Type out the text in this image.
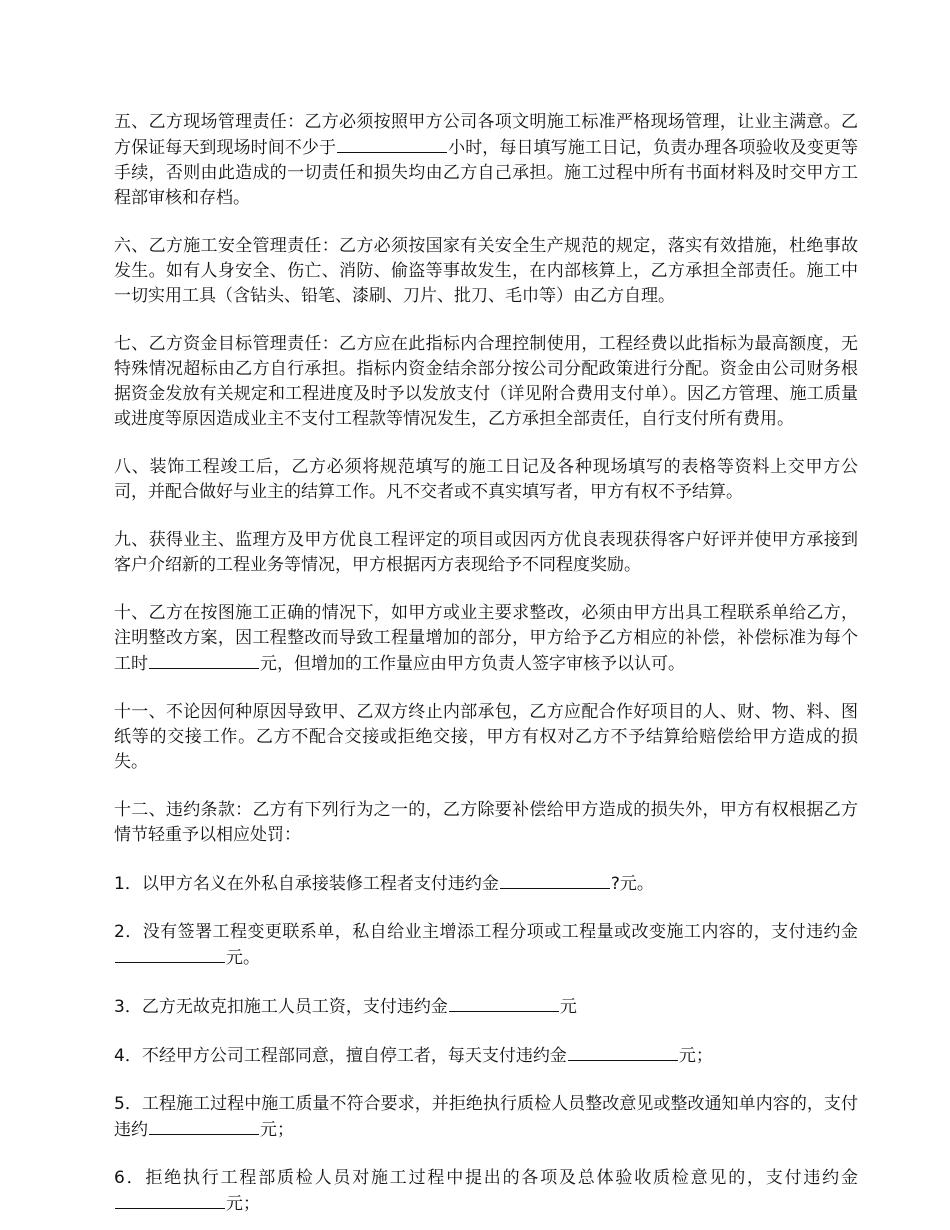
五、乙方现场管理责任：乙方必须按照甲方公司各项文明施工标准严格现场管理，让业主满意。乙方保证每天到现场时间不少于	小时，每日填写施工日记，负责办理各项验收及变更等手续，否则由此造成的一切责任和损失均由乙方自己承担。施工过程中所有书面材料及时交甲方工程部审核和存档。

六、乙方施工安全管理责任：乙方必须按国家有关安全生产规范的规定，落实有效措施，杜绝事故发生。如有人身安全、伤亡、消防、偷盗等事故发生，在内部核算上，乙方承担全部责任。施工中一切实用工具（含钻头、铅笔、漆刷、刀片、批刀、毛巾等）由乙方自理。

七、乙方资金目标管理责任：乙方应在此指标内合理控制使用，工程经费以此指标为最高额度，无特殊情况超标由乙方自行承担。指标内资金结余部分按公司分配政策进行分配。资金由公司财务根据资金发放有关规定和工程进度及时予以发放支付（详见附合费用支付单）。因乙方管理、施工质量或进度等原因造成业主不支付工程款等情况发生，乙方承担全部责任，自行支付所有费用。

八、装饰工程竣工后，乙方必须将规范填写的施工日记及各种现场填写的表格等资料上交甲方公司，并配合做好与业主的结算工作。凡不交者或不真实填写者，甲方有权不予结算。

九、获得业主、监理方及甲方优良工程评定的项目或因丙方优良表现获得客户好评并使甲方承接到客户介绍新的工程业务等情况，甲方根据丙方表现给予不同程度奖励。

十、乙方在按图施工正确的情况下，如甲方或业主要求整改，必须由甲方出具工程联系单给乙方，注明整改方案，因工程整改而导致工程量增加的部分，甲方给予乙方相应的补偿，补偿标准为每个工时	元，但增加的工作量应由甲方负责人签字审核予以认可。

十一、不论因何种原因导致甲、乙双方终止内部承包，乙方应配合作好项目的人、财、物、料、图纸等的交接工作。乙方不配合交接或拒绝交接，甲方有权对乙方不予结算给赔偿给甲方造成的损失。

十二、违约条款：乙方有下列行为之一的，乙方除要补偿给甲方造成的损失外，甲方有权根据乙方情节轻重予以相应处罚：

1．以甲方名义在外私自承接装修工程者支付违约金	?元。

2．没有签署工程变更联系单，私自给业主增添工程分项或工程量或改变施工内容的，支付违约金元。

3．乙方无故克扣施工人员工资，支付违约金	元

4．不经甲方公司工程部同意，擅自停工者，每天支付违约金	元；

5．工程施工过程中施工质量不符合要求，并拒绝执行质检人员整改意见或整改通知单内容的，支付违约	元；

6．拒绝执行工程部质检人员对施工过程中提出的各项及总体验收质检意见的，支付违约金元；
